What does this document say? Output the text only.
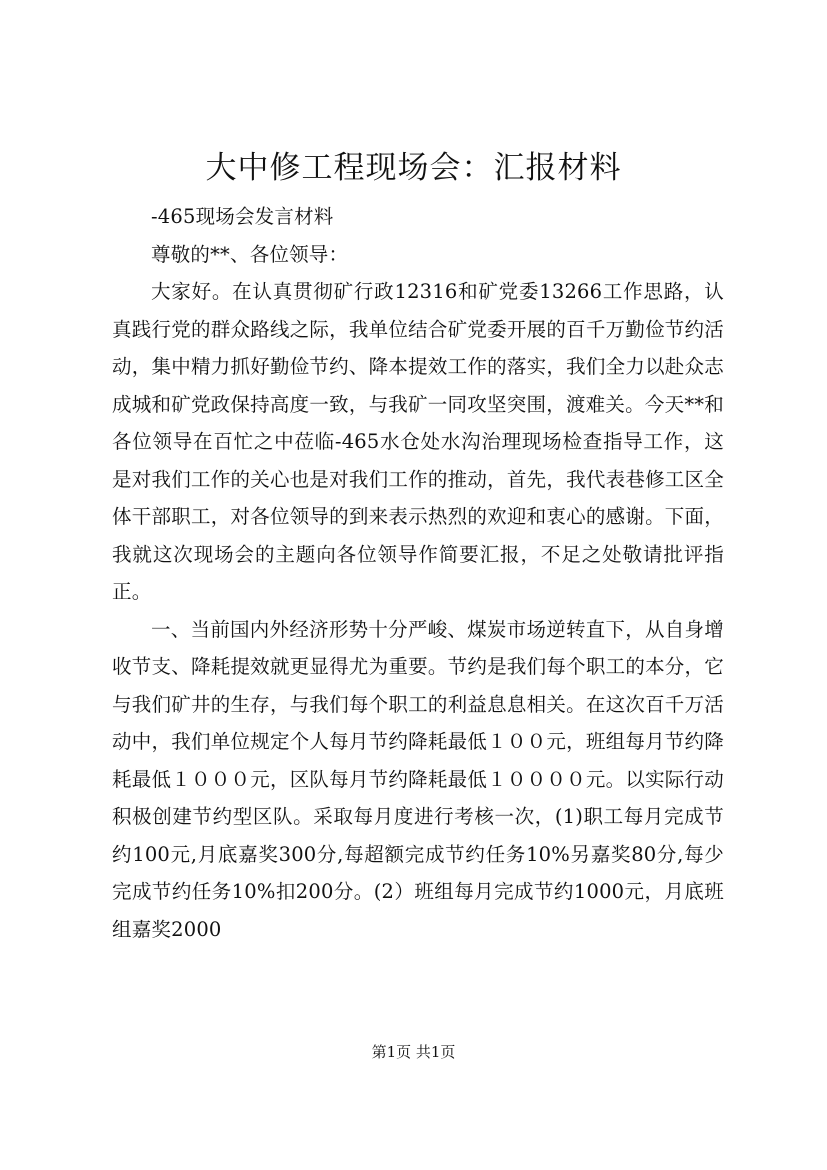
大中修工程现场会：汇报材料

-465现场会发言材料

尊敬的**、各位领导：

大家好。在认真贯彻矿行政12316和矿党委13266工作思路，认真践行党的群众路线之际，我单位结合矿党委开展的百千万勤俭节约活动，集中精力抓好勤俭节约、降本提效工作的落实，我们全力以赴众志成城和矿党政保持高度一致，与我矿一同攻坚突围，渡难关。今天**和各位领导在百忙之中莅临-465水仓处水沟治理现场检查指导工作，这是对我们工作的关心也是对我们工作的推动，首先，我代表巷修工区全体干部职工，对各位领导的到来表示热烈的欢迎和衷心的感谢。下面，我就这次现场会的主题向各位领导作简要汇报，不足之处敬请批评指正。

一、当前国内外经济形势十分严峻、煤炭市场逆转直下，从自身增收节支、降耗提效就更显得尤为重要。节约是我们每个职工的本分，它与我们矿井的生存，与我们每个职工的利益息息相关。在这次百千万活动中，我们单位规定个人每月节约降耗最低１００元，班组每月节约降耗最低１０００元，区队每月节约降耗最低１００００元。以实际行动积极创建节约型区队。采取每月度进行考核一次，(1)职工每月完成节约100元,月底嘉奖300分,每超额完成节约任务10%另嘉奖80分,每少完成节约任务10%扣200分。(2）班组每月完成节约1000元，月底班组嘉奖2000

第1页 共1页
